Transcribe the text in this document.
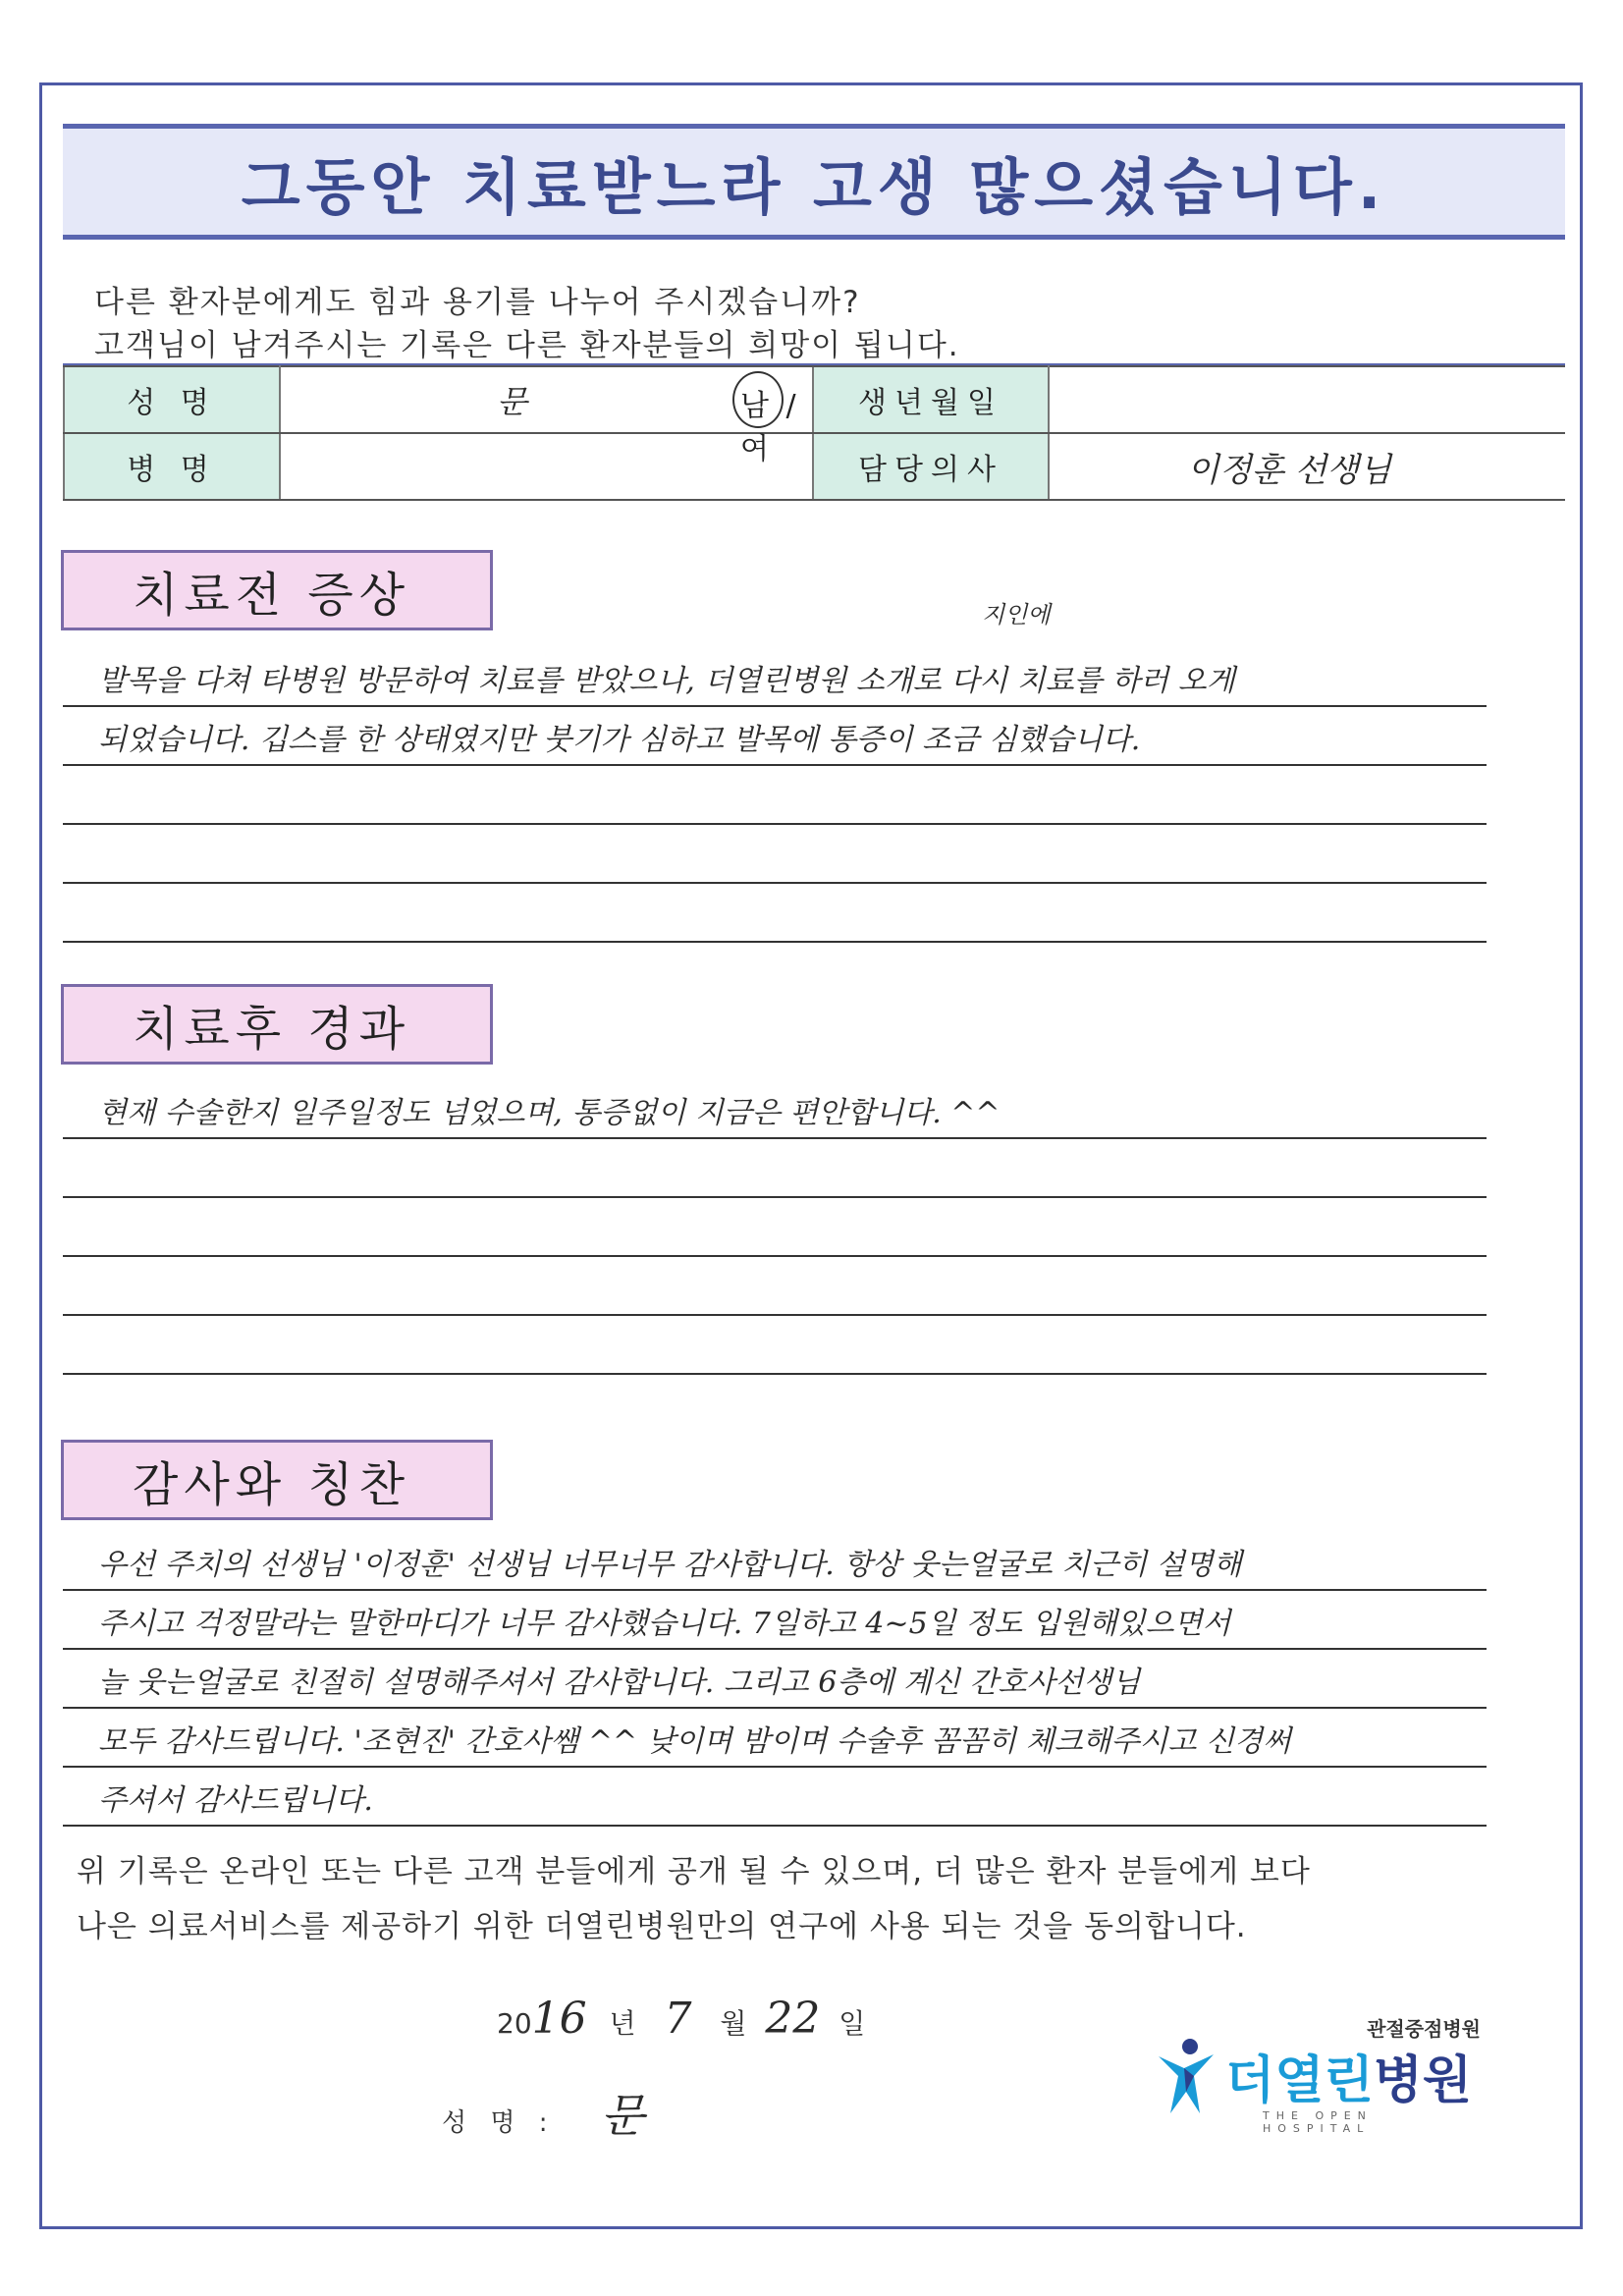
그동안 치료받느라 고생 많으셨습니다.
다른 환자분에게도 힘과 용기를 나누어 주시겠습니까?
고객님이 남겨주시는 기록은 다른 환자분들의 희망이 됩니다.
성 명	문 남 / 여	생년월일	
병 명		담당의사	이정훈 선생님
치료전 증상	지인에
발목을 다쳐 타병원 방문하여 치료를 받았으나, 더열린병원 소개로 다시 치료를 하러 오게
되었습니다. 깁스를 한 상태였지만 붓기가 심하고 발목에 통증이 조금 심했습니다.
치료후 경과
현재 수술한지 일주일정도 넘었으며, 통증없이 지금은 편안합니다. ^^
감사와 칭찬
우선 주치의 선생님 '이정훈' 선생님 너무너무 감사합니다. 항상 웃는얼굴로 치근히 설명해
주시고 걱정말라는 말한마디가 너무 감사했습니다. 7일하고 4~5일 정도 입원해있으면서
늘 웃는얼굴로 친절히 설명해주셔서 감사합니다. 그리고 6층에 계신 간호사선생님
모두 감사드립니다. '조현진' 간호사쌤 ^^ 낮이며 밤이며 수술후 꼼꼼히 체크해주시고 신경써
주셔서 감사드립니다.
위 기록은 온라인 또는 다른 고객 분들에게 공개 될 수 있으며, 더 많은 환자 분들에게 보다
나은 의료서비스를 제공하기 위한 더열린병원만의 연구에 사용 되는 것을 동의합니다.
2016 년 7 월 22 일
성 명 : 문
관절중점병원
더열린병원
THE OPEN HOSPITAL
